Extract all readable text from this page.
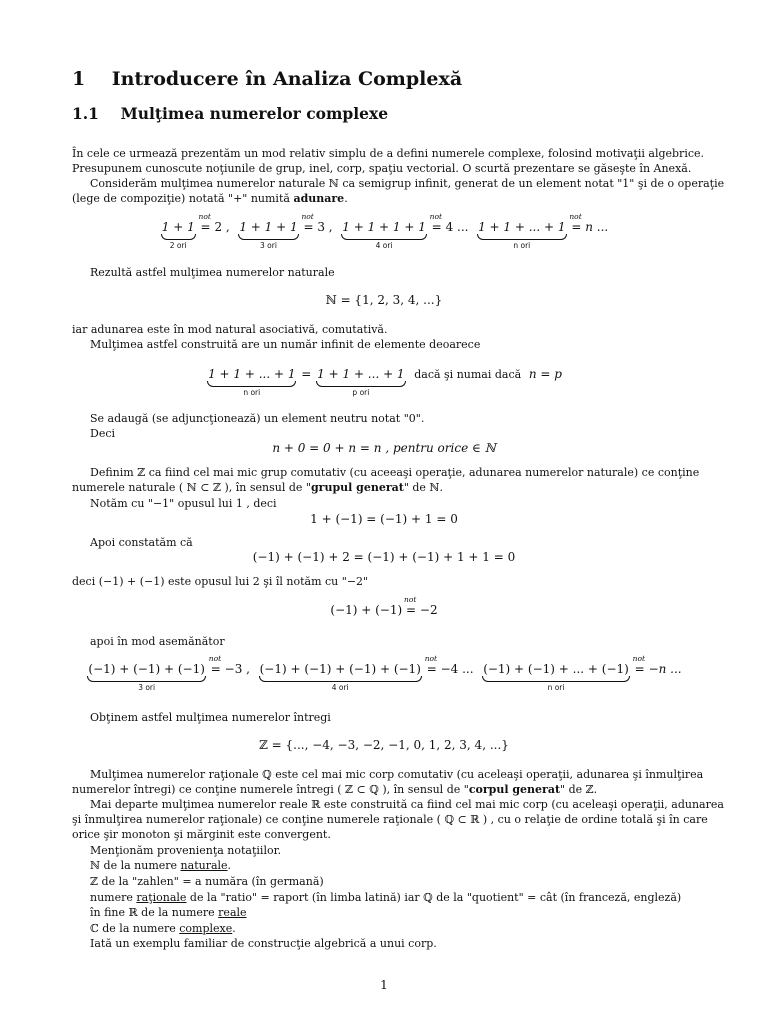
1 Introducere în Analiza Complexă
1.1 Mulţimea numerelor complexe
În cele ce urmează prezentăm un mod relativ simplu de a defini numerele complexe, folosind motivaţii algebrice.
Presupunem cunoscute noţiunile de grup, inel, corp, spaţiu vectorial. O scurtă prezentare se găseşte în Anexă.
Considerăm mulţimea numerelor naturale ℕ ca semigrup infinit, generat de un element notat "1" şi de o operaţie
(lege de compoziţie) notată "+" numită adunare.
1 + 1
2 ori
=
not
2 , 1 + 1 + 1
3 ori
=
not
3 , 1 + 1 + 1 + 1
4 ori
=
not
4 ... 1 + 1 + ... + 1
n ori
=
not
n ...
Rezultă astfel mulţimea numerelor naturale
ℕ = {1, 2, 3, 4, ...}
iar adunarea este în mod natural asociativă, comutativă.
Mulţimea astfel construită are un număr infinit de elemente deoarece
1 + 1 + ... + 1
n ori
= 1 + 1 + ... + 1
p ori
dacă şi numai dacă n = p
Se adaugă (se adjuncţionează) un element neutru notat "0".
Deci
n + 0 = 0 + n = n , pentru orice ∈ ℕ
Definim ℤ ca fiind cel mai mic grup comutativ (cu aceeaşi operaţie, adunarea numerelor naturale) ce conţine
numerele naturale ( ℕ ⊂ ℤ ), în sensul de "grupul generat" de ℕ.
Notăm cu "−1" opusul lui 1 , deci
1 + (−1) = (−1) + 1 = 0
Apoi constatăm că
(−1) + (−1) + 2 = (−1) + (−1) + 1 + 1 = 0
deci (−1) + (−1) este opusul lui 2 şi îl notăm cu "−2"
(−1) + (−1) =
not
−2
apoi în mod asemănător
(−1) + (−1) + (−1)
3 ori
=
not
−3 , (−1) + (−1) + (−1) + (−1)
4 ori
=
not
−4 ... (−1) + (−1) + ... + (−1)
n ori
=
not
−n ...
Obţinem astfel mulţimea numerelor întregi
ℤ = {..., −4, −3, −2, −1, 0, 1, 2, 3, 4, ...}
Mulţimea numerelor raţionale ℚ este cel mai mic corp comutativ (cu aceleaşi operaţii, adunarea şi înmulţirea
numerelor întregi) ce conţine numerele întregi ( ℤ ⊂ ℚ ), în sensul de "corpul generat" de ℤ.
Mai departe mulţimea numerelor reale ℝ este construită ca fiind cel mai mic corp (cu aceleaşi operaţii, adunarea
şi înmulţirea numerelor raţionale) ce conţine numerele raţionale ( ℚ ⊂ ℝ ) , cu o relaţie de ordine totală şi în care
orice şir monoton şi mărginit este convergent.
Menţionăm provenienţa notaţiilor.
ℕ de la numere naturale.
ℤ de la "zahlen" = a număra (în germană)
numere raţionale de la "ratio" = raport (în limba latină) iar ℚ de la "quotient" = cât (în franceză, engleză)
în fine ℝ de la numere reale
ℂ de la numere complexe.
Iată un exemplu familiar de construcţie algebrică a unui corp.
1
